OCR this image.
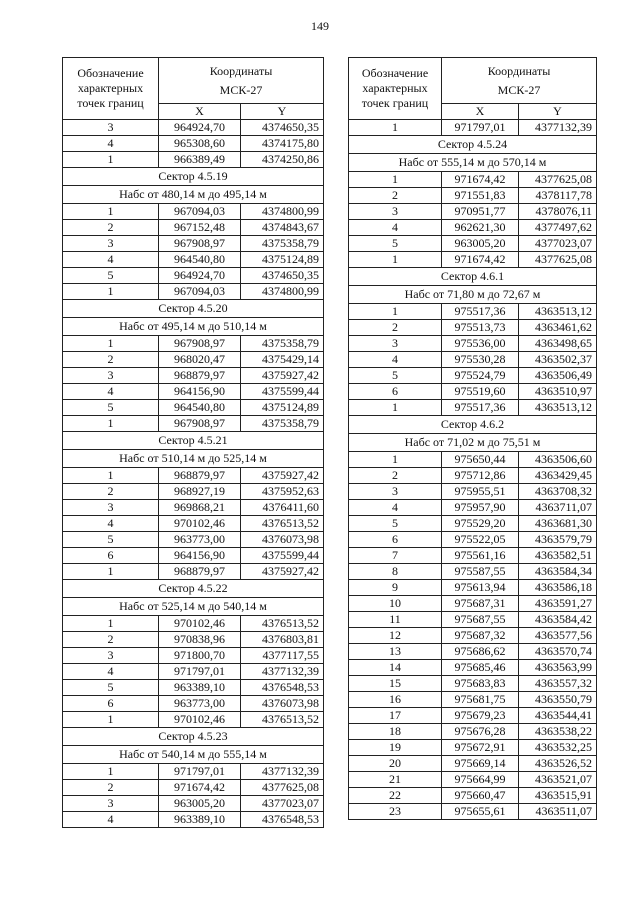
149
Обозначение
характерных
точек границ	Координаты
МСК-27	
	X	Y
3	964924,70	4374650,35
4	965308,60	4374175,80
1	966389,49	4374250,86
Сектор 4.5.19		
Набс от 480,14 м до 495,14 м		
1	967094,03	4374800,99
2	967152,48	4374843,67
3	967908,97	4375358,79
4	964540,80	4375124,89
5	964924,70	4374650,35
1	967094,03	4374800,99
Сектор 4.5.20		
Набс от 495,14 м до 510,14 м		
1	967908,97	4375358,79
2	968020,47	4375429,14
3	968879,97	4375927,42
4	964156,90	4375599,44
5	964540,80	4375124,89
1	967908,97	4375358,79
Сектор 4.5.21		
Набс от 510,14 м до 525,14 м		
1	968879,97	4375927,42
2	968927,19	4375952,63
3	969868,21	4376411,60
4	970102,46	4376513,52
5	963773,00	4376073,98
6	964156,90	4375599,44
1	968879,97	4375927,42
Сектор 4.5.22		
Набс от 525,14 м до 540,14 м		
1	970102,46	4376513,52
2	970838,96	4376803,81
3	971800,70	4377117,55
4	971797,01	4377132,39
5	963389,10	4376548,53
6	963773,00	4376073,98
1	970102,46	4376513,52
Сектор 4.5.23		
Набс от 540,14 м до 555,14 м		
1	971797,01	4377132,39
2	971674,42	4377625,08
3	963005,20	4377023,07
4	963389,10	4376548,53
Обозначение
характерных
точек границ	Координаты
МСК-27	
	X	Y
1	971797,01	4377132,39
Сектор 4.5.24		
Набс от 555,14 м до 570,14 м		
1	971674,42	4377625,08
2	971551,83	4378117,78
3	970951,77	4378076,11
4	962621,30	4377497,62
5	963005,20	4377023,07
1	971674,42	4377625,08
Сектор 4.6.1		
Набс от 71,80 м до 72,67 м		
1	975517,36	4363513,12
2	975513,73	4363461,62
3	975536,00	4363498,65
4	975530,28	4363502,37
5	975524,79	4363506,49
6	975519,60	4363510,97
1	975517,36	4363513,12
Сектор 4.6.2		
Набс от 71,02 м до 75,51 м		
1	975650,44	4363506,60
2	975712,86	4363429,45
3	975955,51	4363708,32
4	975957,90	4363711,07
5	975529,20	4363681,30
6	975522,05	4363579,79
7	975561,16	4363582,51
8	975587,55	4363584,34
9	975613,94	4363586,18
10	975687,31	4363591,27
11	975687,55	4363584,42
12	975687,32	4363577,56
13	975686,62	4363570,74
14	975685,46	4363563,99
15	975683,83	4363557,32
16	975681,75	4363550,79
17	975679,23	4363544,41
18	975676,28	4363538,22
19	975672,91	4363532,25
20	975669,14	4363526,52
21	975664,99	4363521,07
22	975660,47	4363515,91
23	975655,61	4363511,07
